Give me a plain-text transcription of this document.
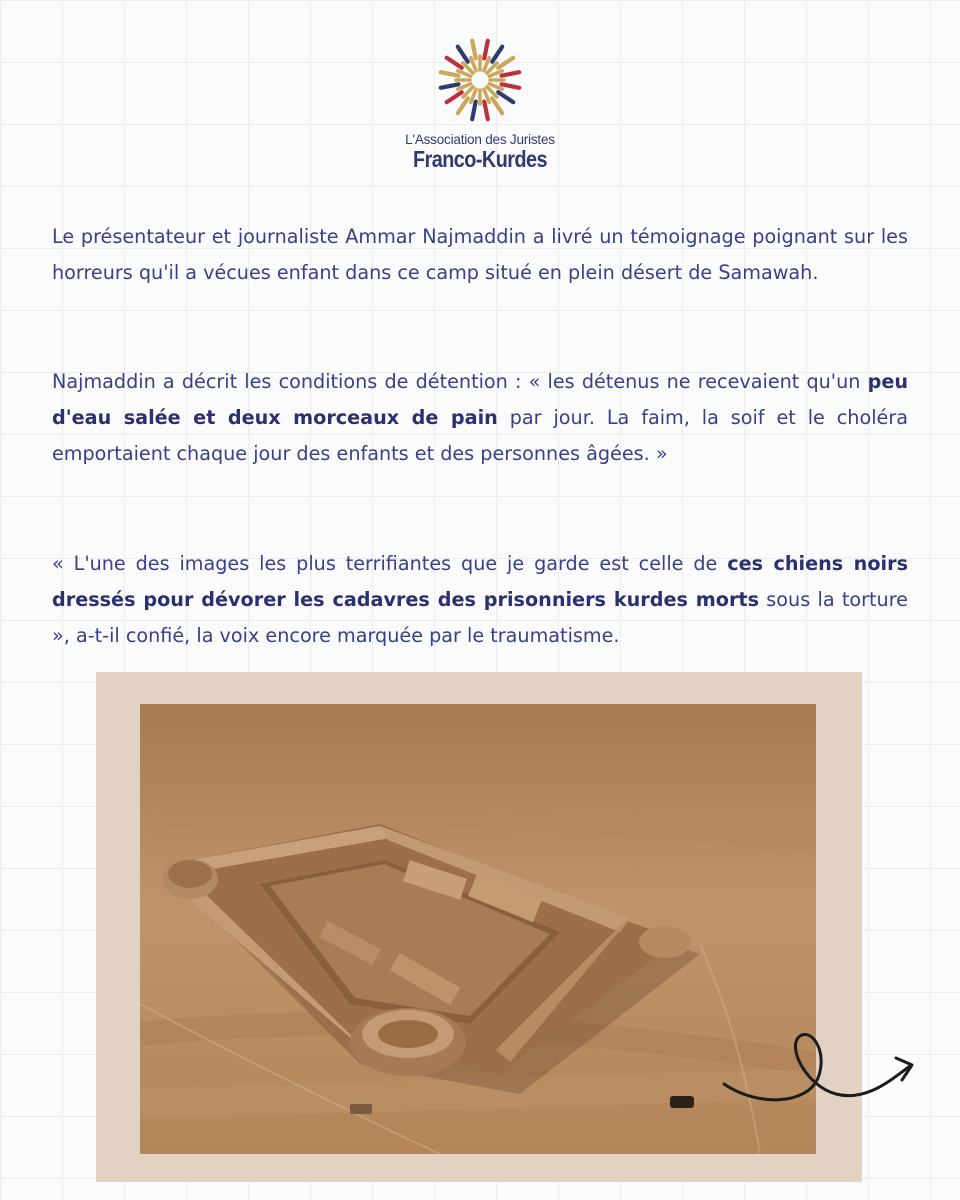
L'Association des Juristes
Franco-Kurdes

Le présentateur et journaliste Ammar Najmaddin a livré un témoignage poignant sur les horreurs qu'il a vécues enfant dans ce camp situé en plein désert de Samawah.

Najmaddin a décrit les conditions de détention : « les détenus ne recevaient qu'un peu d'eau salée et deux morceaux de pain par jour. La faim, la soif et le choléra emportaient chaque jour des enfants et des personnes âgées. »

« L'une des images les plus terrifiantes que je garde est celle de ces chiens noirs dressés pour dévorer les cadavres des prisonniers kurdes morts sous la torture », a-t-il confié, la voix encore marquée par le traumatisme.
